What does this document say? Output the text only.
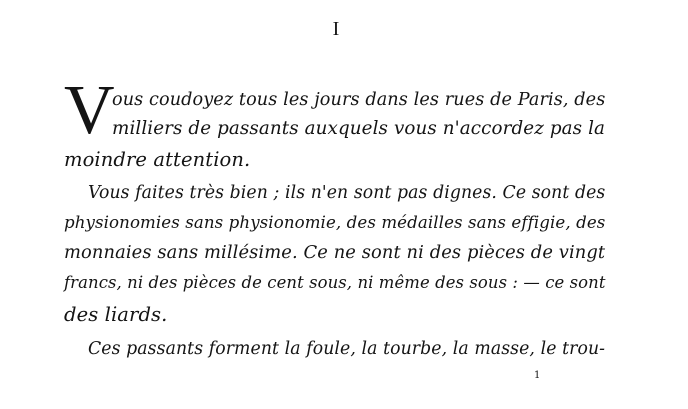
I
V
ous coudoyez tous les jours dans les rues de Paris, des
milliers de passants auxquels vous n'accordez pas la
moindre attention.
Vous faites très bien ; ils n'en sont pas dignes. Ce sont des
physionomies sans physionomie, des médailles sans effigie, des
monnaies sans millésime. Ce ne sont ni des pièces de vingt
francs, ni des pièces de cent sous, ni même des sous : — ce sont
des liards.
Ces passants forment la foule, la tourbe, la masse, le trou-
1
